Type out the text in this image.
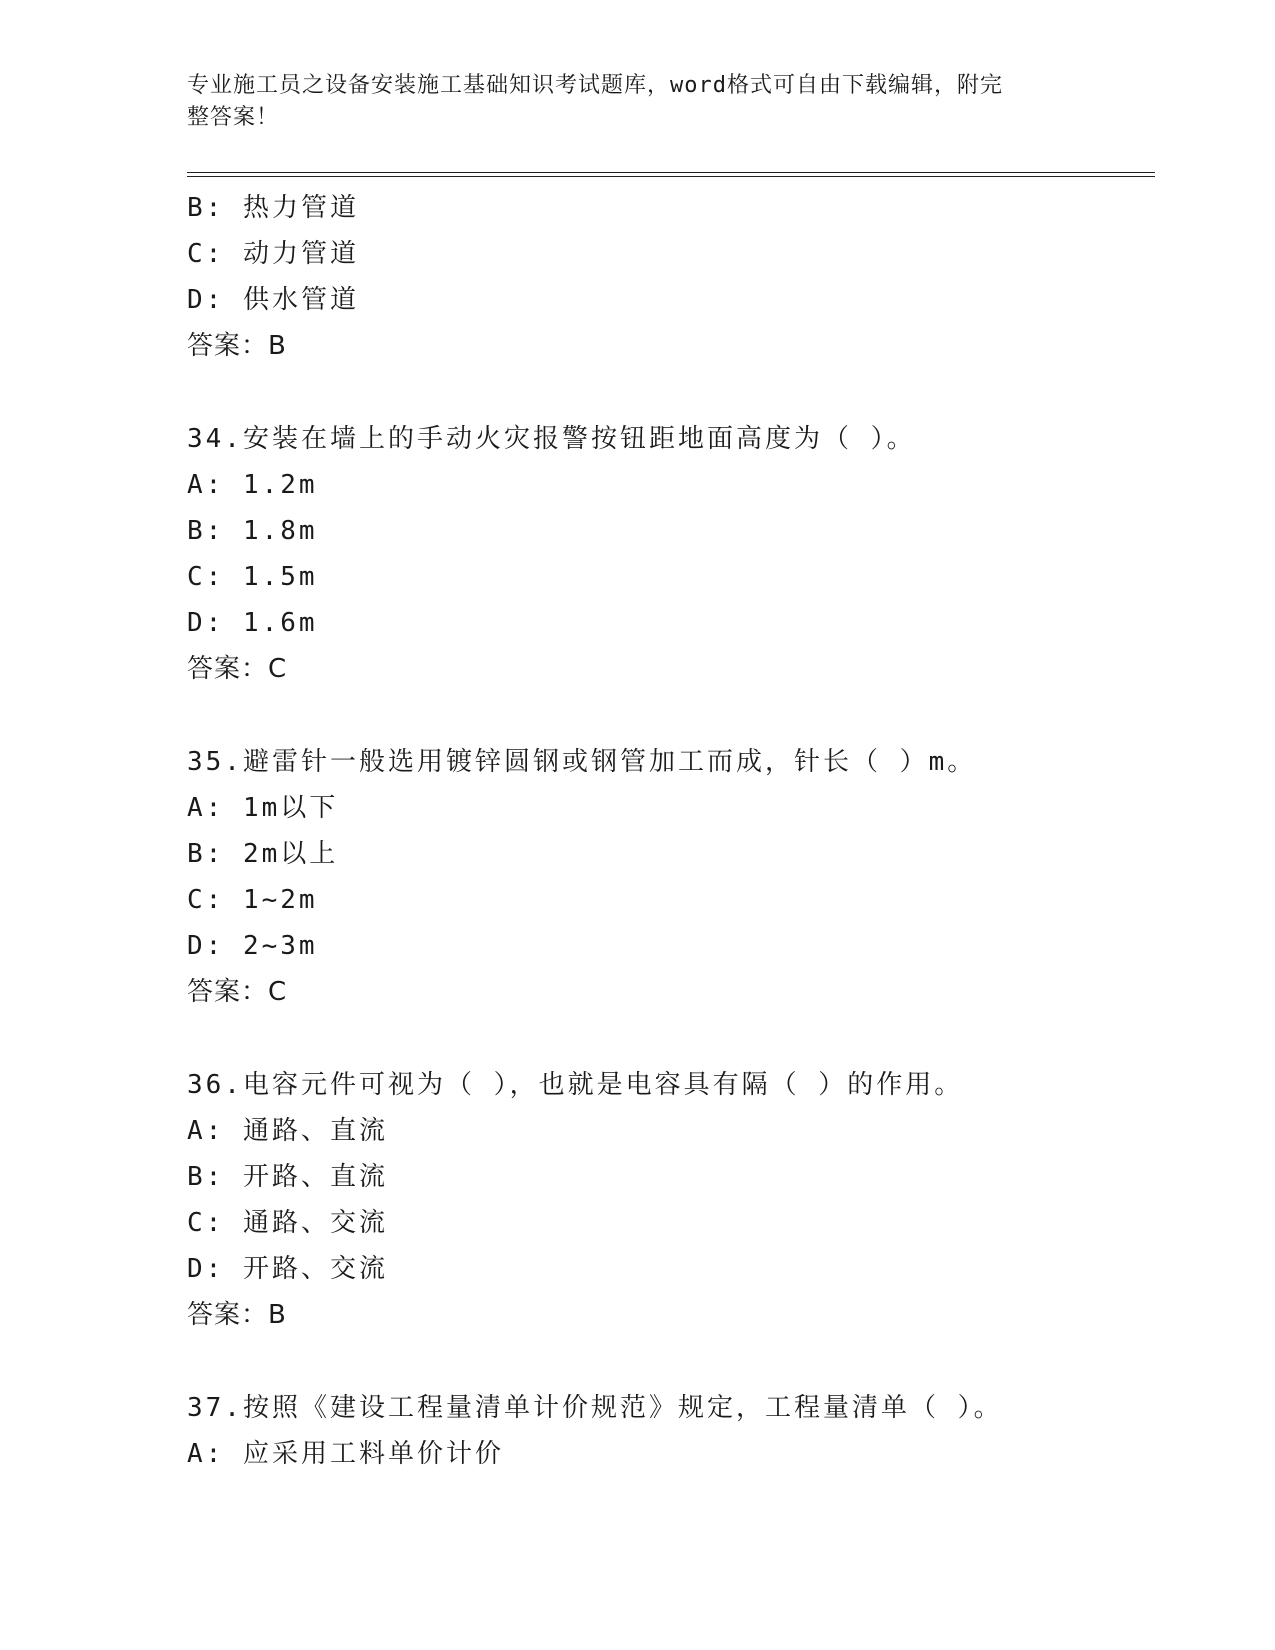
专业施工员之设备安装施工基础知识考试题库，word格式可自由下载编辑，附完
整答案！
B: 热力管道
C: 动力管道
D: 供水管道
答案：B
34.安装在墙上的手动火灾报警按钮距地面高度为（ ）。
A: 1.2m
B: 1.8m
C: 1.5m
D: 1.6m
答案：C
35.避雷针一般选用镀锌圆钢或钢管加工而成，针长（ ）m。
A: 1m以下
B: 2m以上
C: 1~2m
D: 2~3m
答案：C
36.电容元件可视为（ ），也就是电容具有隔（ ）的作用。
A: 通路、直流
B: 开路、直流
C: 通路、交流
D: 开路、交流
答案：B
37.按照《建设工程量清单计价规范》规定，工程量清单（ ）。
A: 应采用工料单价计价
